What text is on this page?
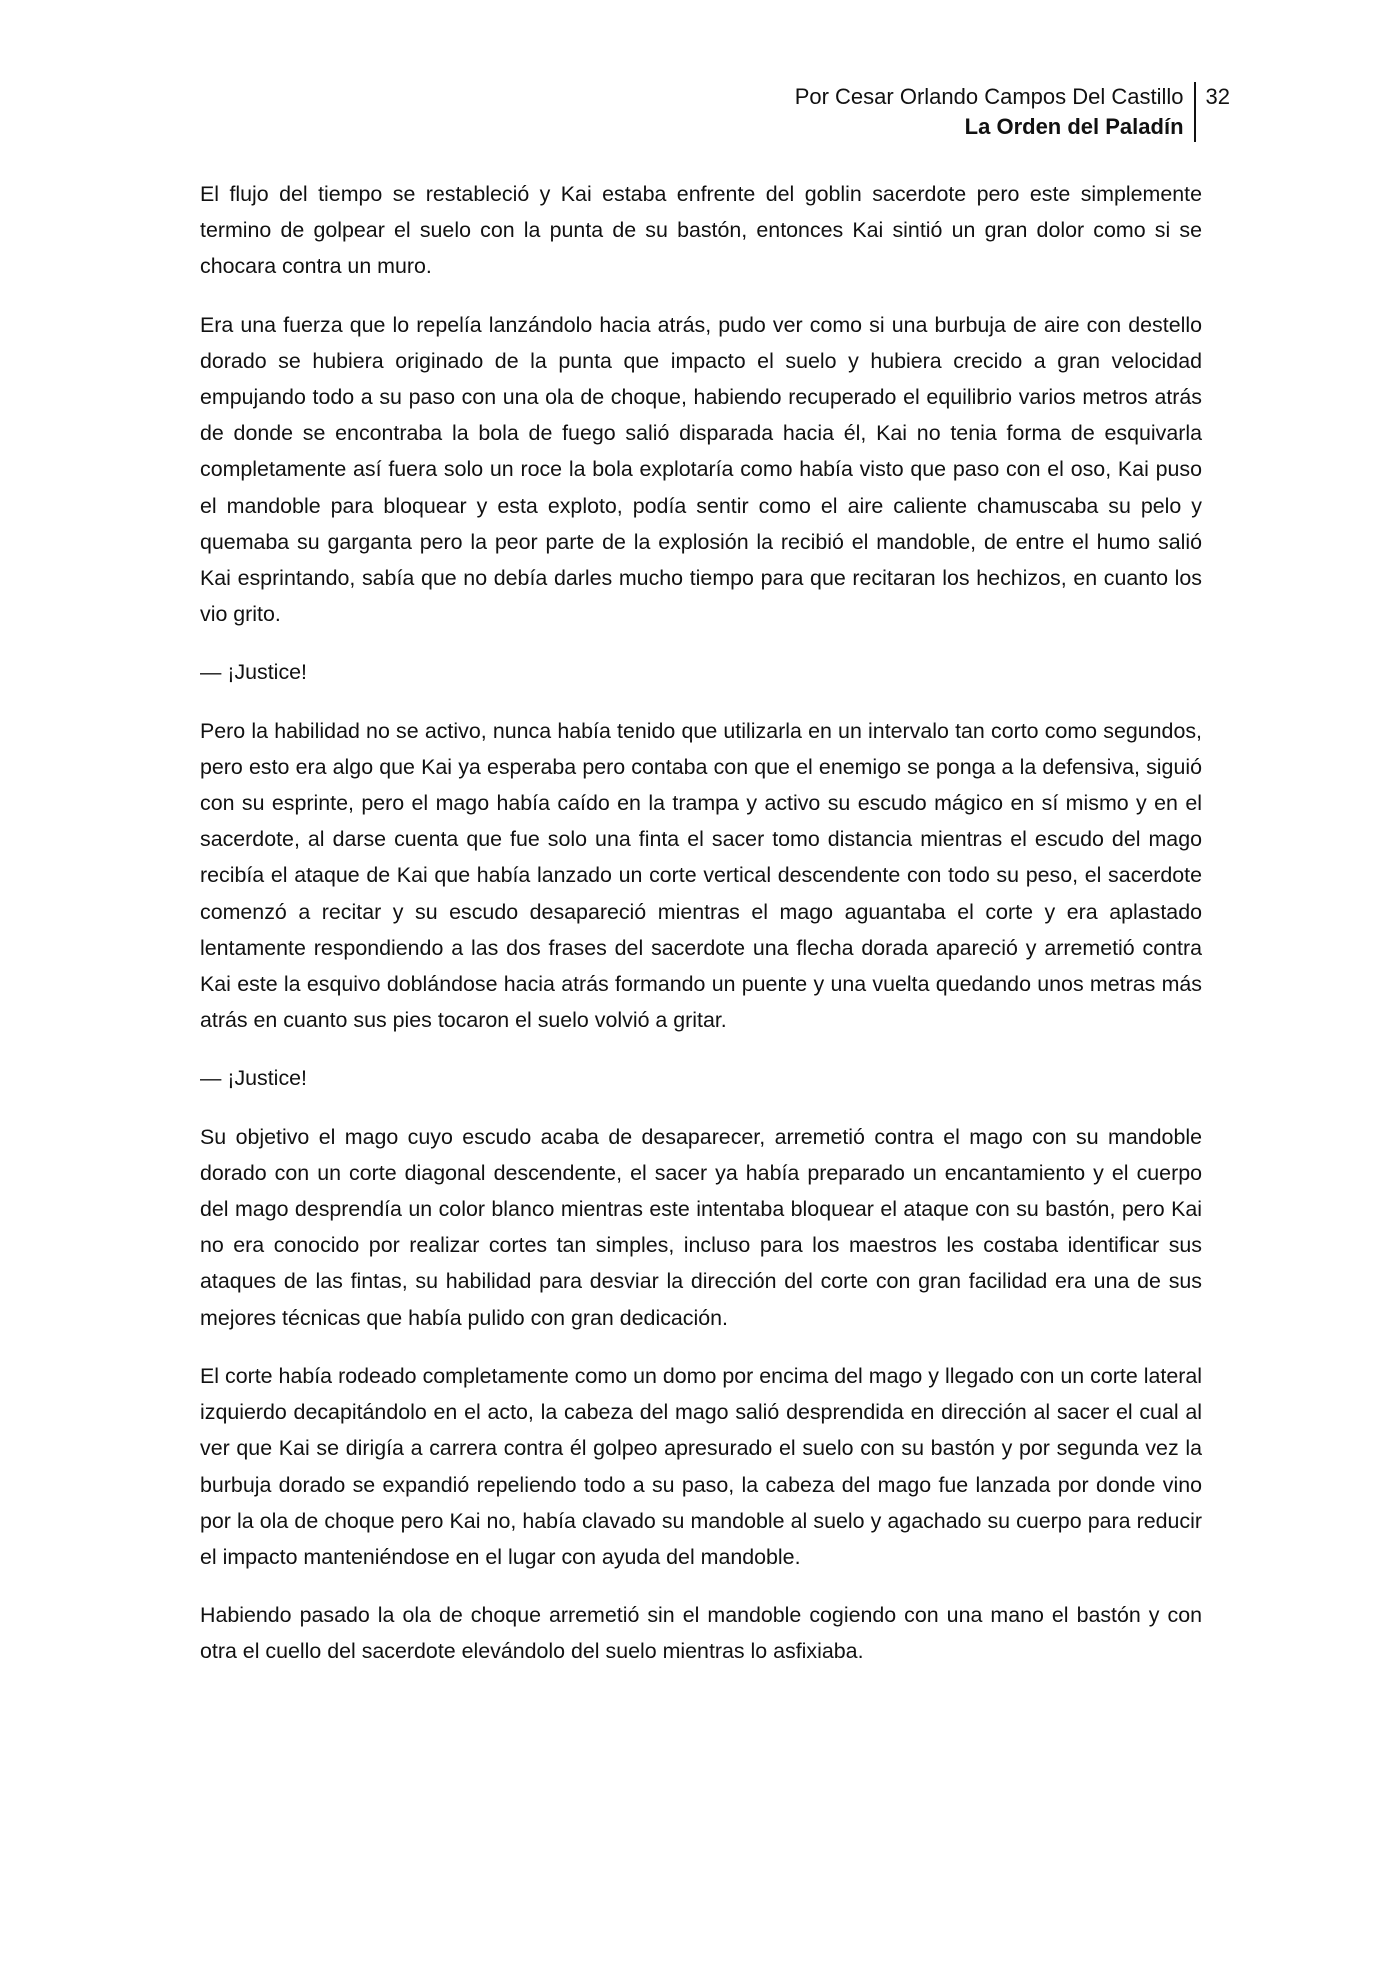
Por Cesar Orlando Campos Del Castillo
La Orden del Paladín
32

El flujo del tiempo se restableció y Kai estaba enfrente del goblin sacerdote pero este simplemente termino de golpear el suelo con la punta de su bastón, entonces Kai sintió un gran dolor como si se chocara contra un muro.

Era una fuerza que lo repelía lanzándolo hacia atrás, pudo ver como si una burbuja de aire con destello dorado se hubiera originado de la punta que impacto el suelo y hubiera crecido a gran velocidad empujando todo a su paso con una ola de choque, habiendo recuperado el equilibrio varios metros atrás de donde se encontraba la bola de fuego salió disparada hacia él, Kai no tenia forma de esquivarla completamente así fuera solo un roce la bola explotaría como había visto que paso con el oso, Kai puso el mandoble para bloquear y esta exploto, podía sentir como el aire caliente chamuscaba su pelo y quemaba su garganta pero la peor parte de la explosión la recibió el mandoble, de entre el humo salió Kai esprintando, sabía que no debía darles mucho tiempo para que recitaran los hechizos, en cuanto los vio grito.

— ¡Justice!

Pero la habilidad no se activo, nunca había tenido que utilizarla en un intervalo tan corto como segundos, pero esto era algo que Kai ya esperaba pero contaba con que el enemigo se ponga a la defensiva, siguió con su esprinte, pero el mago había caído en la trampa y activo su escudo mágico en sí mismo y en el sacerdote, al darse cuenta que fue solo una finta el sacer tomo distancia mientras el escudo del mago recibía el ataque de Kai que había lanzado un corte vertical descendente con todo su peso, el sacerdote comenzó a recitar y su escudo desapareció mientras el mago aguantaba el corte y era aplastado lentamente respondiendo a las dos frases del sacerdote una flecha dorada apareció y arremetió contra Kai este la esquivo doblándose hacia atrás formando un puente y una vuelta quedando unos metras más atrás en cuanto sus pies tocaron el suelo volvió a gritar.

— ¡Justice!

Su objetivo el mago cuyo escudo acaba de desaparecer, arremetió contra el mago con su mandoble dorado con un corte diagonal descendente, el sacer ya había preparado un encantamiento y el cuerpo del mago desprendía un color blanco mientras este intentaba bloquear el ataque con su bastón, pero Kai no era conocido por realizar cortes tan simples, incluso para los maestros les costaba identificar sus ataques de las fintas, su habilidad para desviar la dirección del corte con gran facilidad era una de sus mejores técnicas que había pulido con gran dedicación.

El corte había rodeado completamente como un domo por encima del mago y llegado con un corte lateral izquierdo decapitándolo en el acto, la cabeza del mago salió desprendida en dirección al sacer el cual al ver que Kai se dirigía a carrera contra él golpeo apresurado el suelo con su bastón y por segunda vez la burbuja dorado se expandió repeliendo todo a su paso, la cabeza del mago fue lanzada por donde vino por la ola de choque pero Kai no, había clavado su mandoble al suelo y agachado su cuerpo para reducir el impacto manteniéndose en el lugar con ayuda del mandoble.

Habiendo pasado la ola de choque arremetió sin el mandoble cogiendo con una mano el bastón y con otra el cuello del sacerdote elevándolo del suelo mientras lo asfixiaba.
